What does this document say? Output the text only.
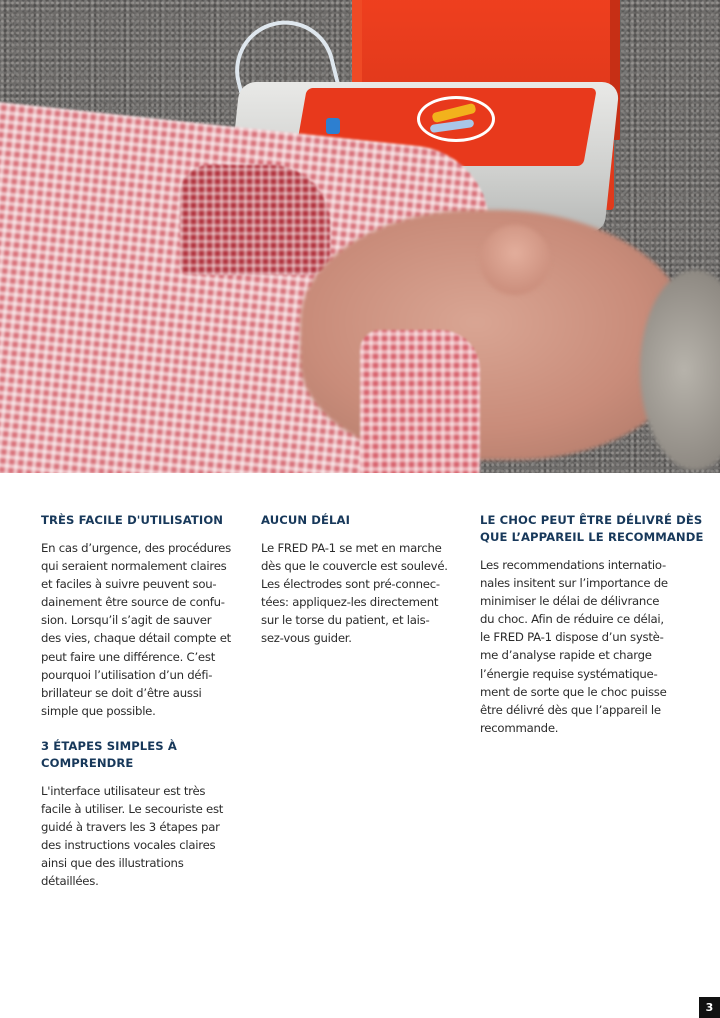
TRÈS FACILE D'UTILISATION

En cas d’urgence, des procédures
qui seraient normalement claires
et faciles à suivre peuvent sou-
dainement être source de confu-
sion. Lorsqu’il s’agit de sauver
des vies, chaque détail compte et
peut faire une différence. C’est
pourquoi l’utilisation d’un défi-
brillateur se doit d’être aussi
simple que possible.

3 ÉTAPES SIMPLES À COMPRENDRE

L'interface utilisateur est très
facile à utiliser. Le secouriste est
guidé à travers les 3 étapes par
des instructions vocales claires
ainsi que des illustrations
détaillées.

AUCUN DÉLAI

Le FRED PA-1 se met en marche
dès que le couvercle est soulevé.
Les électrodes sont pré-connec-
tées: appliquez-les directement
sur le torse du patient, et lais-
sez-vous guider.

LE CHOC PEUT ÊTRE DÉLIVRÉ DÈS QUE L’APPAREIL LE RECOMMANDE

Les recommendations internatio-
nales insitent sur l’importance de
minimiser le délai de délivrance
du choc. Afin de réduire ce délai,
le FRED PA-1 dispose d’un systè-
me d’analyse rapide et charge
l’énergie requise systématique-
ment de sorte que le choc puisse
être délivré dès que l’appareil le
recommande.

3
